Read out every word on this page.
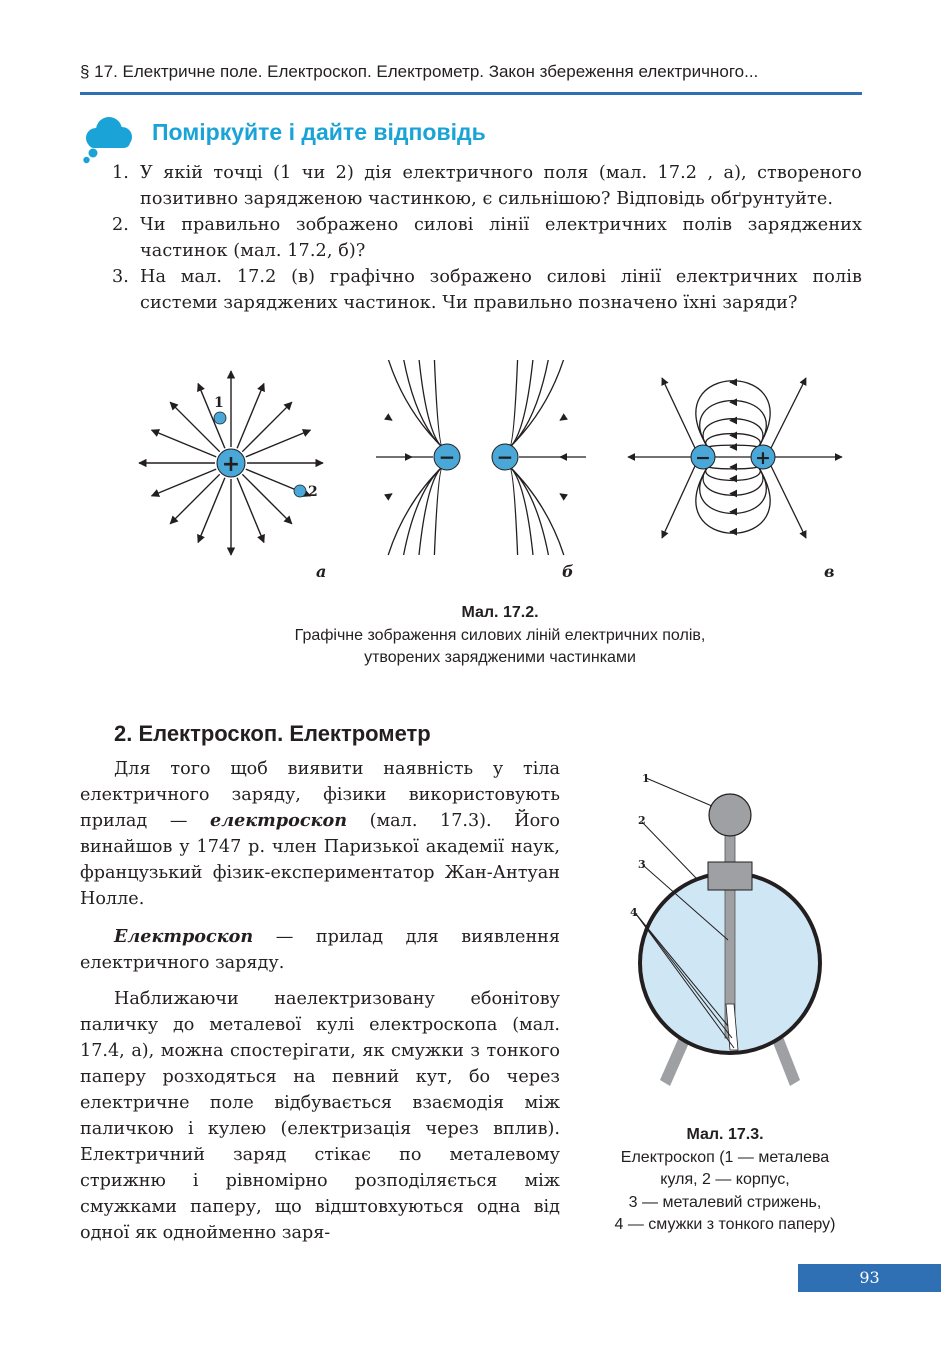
§ 17. Електричне поле. Електроскоп. Електрометр. Закон збереження електричного...
Поміркуйте і дайте відповідь
1. У якій точці (1 чи 2) дія електричного поля (мал. 17.2 , а), створеного позитивно зарядженою частинкою, є сильнішою? Відповідь обґрунтуйте.
2. Чи правильно зображено силові лінії електричних полів заряджених частинок (мал. 17.2, б)?
3. На мал. 17.2 (в) графічно зображено силові лінії електричних полів системи заряджених частинок. Чи правильно позначено їхні заряди?
1
2
+	− −	− +
а	б	в
Мал. 17.2.
Графічне зображення силових ліній електричних полів,
утворених зарядженими частинками
2. Електроскоп. Електрометр

Для того щоб виявити наявність у тіла електричного заряду, фізики використовують прилад — електроскоп (мал. 17.3). Його винайшов у 1747 р. член Паризької академії наук, французький фізик-експериментатор Жан-Антуан Нолле.

Електроскоп — прилад для виявлення електричного заряду.

Наближаючи наелектризовану ебонітову паличку до металевої кулі електроскопа (мал. 17.4, а), можна спостерігати, як смужки з тонкого паперу розходяться на певний кут, бо через електричне поле відбувається взаємодія між паличкою і кулею (електризація через вплив). Електричний заряд стікає по металевому стрижню і рівномірно розподіляється між смужками паперу, що відштовхуються одна від одної як однойменно заря-

1
2
3
4
Мал. 17.3.
Електроскоп (1 — металева
куля, 2 — корпус,
3 — металевий стрижень,
4 — смужки з тонкого паперу)
93
